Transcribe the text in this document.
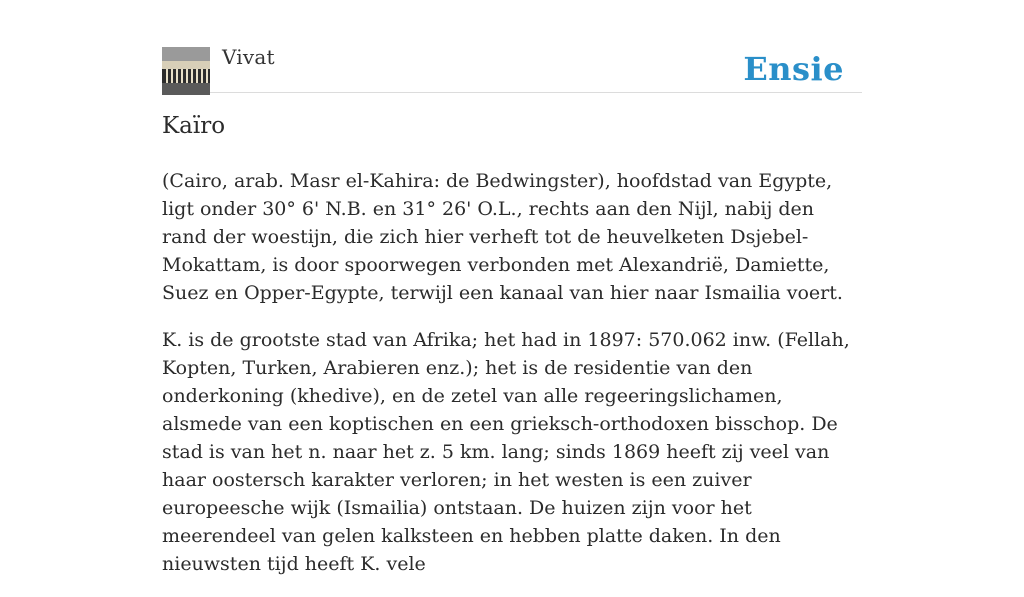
Vivat	Ensie
Kaïro

(Cairo, arab. Masr el-Kahira: de Bedwingster), hoofdstad van Egypte, ligt onder 30° 6' N.B. en 31° 26' O.L., rechts aan den Nijl, nabij den rand der woestijn, die zich hier verheft tot de heuvelketen Dsjebel-Mokattam, is door spoorwegen verbonden met Alexandrië, Damiette, Suez en Opper-Egypte, terwijl een kanaal van hier naar Ismailia voert.

K. is de grootste stad van Afrika; het had in 1897: 570.062 inw. (Fellah, Kopten, Turken, Arabieren enz.); het is de residentie van den onderkoning (khedive), en de zetel van alle regeeringslichamen, alsmede van een koptischen en een grieksch-orthodoxen bisschop. De stad is van het n. naar het z. 5 km. lang; sinds 1869 heeft zij veel van haar oostersch karakter verloren; in het westen is een zuiver europeesche wijk (Ismailia) ontstaan. De huizen zijn voor het meerendeel van gelen kalksteen en hebben platte daken. In den nieuwsten tijd heeft K. vele
